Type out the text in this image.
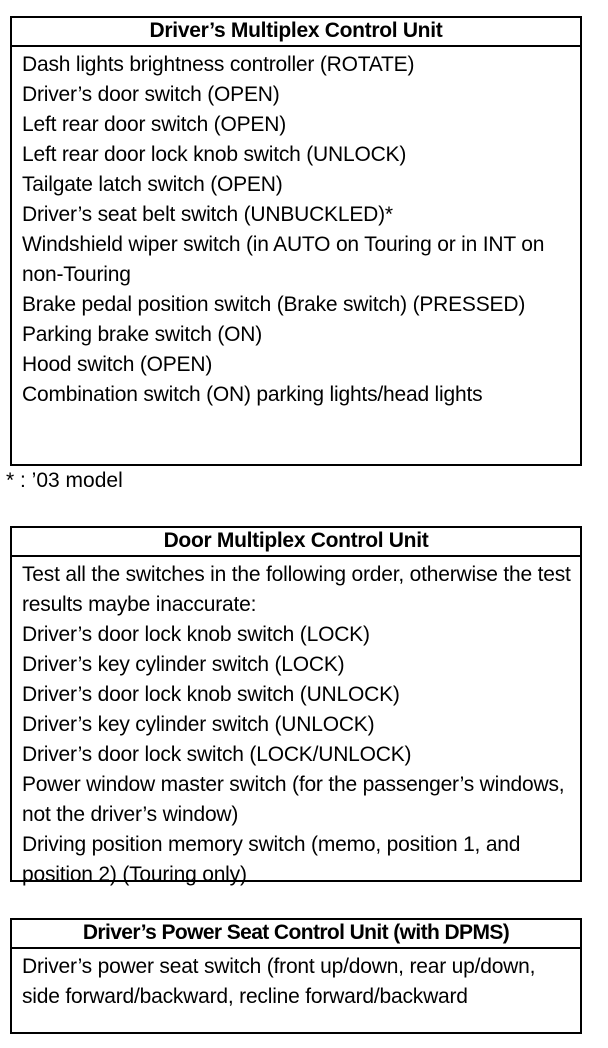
Driver’s Multiplex Control Unit
Dash lights brightness controller (ROTATE)
Driver’s door switch (OPEN)
Left rear door switch (OPEN)
Left rear door lock knob switch (UNLOCK)
Tailgate latch switch (OPEN)
Driver’s seat belt switch (UNBUCKLED)*
Windshield wiper switch (in AUTO on Touring or in INT on non-Touring
Brake pedal position switch (Brake switch) (PRESSED)
Parking brake switch (ON)
Hood switch (OPEN)
Combination switch (ON) parking lights/head lights
* : ’03 model
Door Multiplex Control Unit
Test all the switches in the following order, otherwise the test results maybe inaccurate:
Driver’s door lock knob switch (LOCK)
Driver’s key cylinder switch (LOCK)
Driver’s door lock knob switch (UNLOCK)
Driver’s key cylinder switch (UNLOCK)
Driver’s door lock switch (LOCK/UNLOCK)
Power window master switch (for the passenger’s windows, not the driver’s window)
Driving position memory switch (memo, position 1, and position 2) (Touring only)
Driver’s Power Seat Control Unit (with DPMS)
Driver’s power seat switch (front up/down, rear up/down, side forward/backward, recline forward/backward
